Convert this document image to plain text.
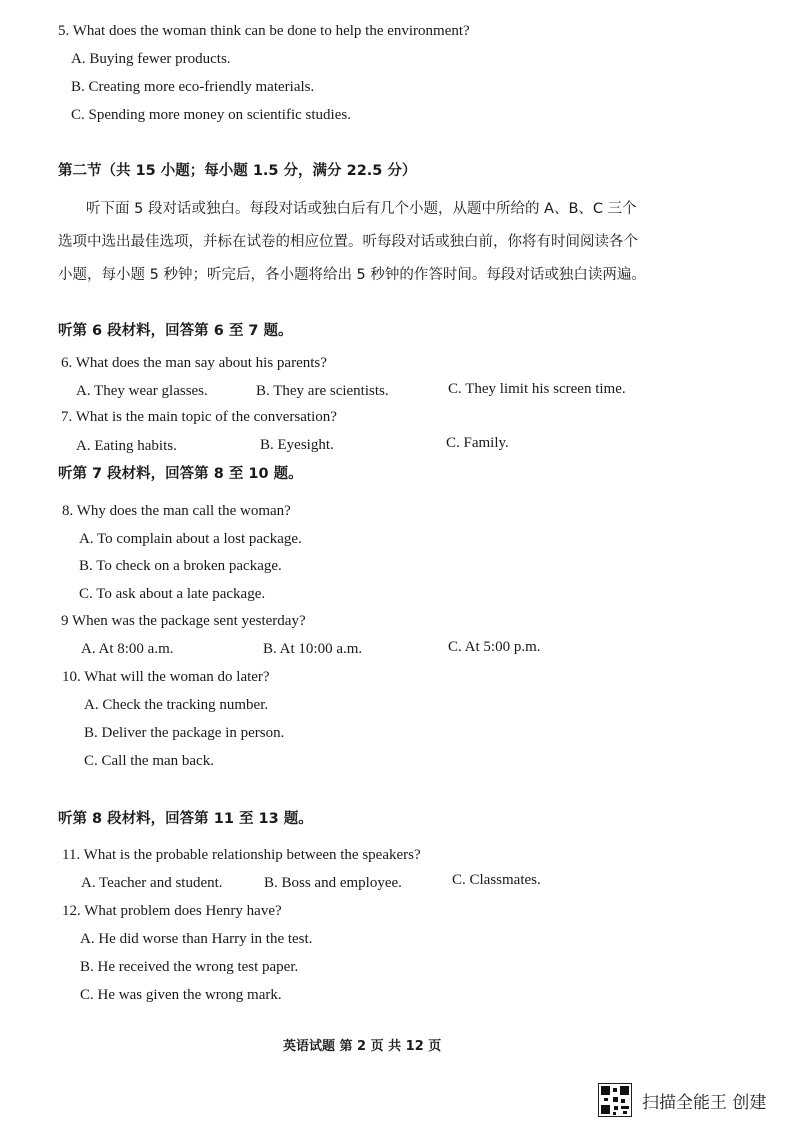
5. What does the woman think can be done to help the environment?
A. Buying fewer products.
B. Creating more eco-friendly materials.
C. Spending more money on scientific studies.
第二节（共 15 小题；每小题 1.5 分，满分 22.5 分）
听下面 5 段对话或独白。每段对话或独白后有几个小题，从题中所给的 A、B、C 三个
选项中选出最佳选项，并标在试卷的相应位置。听每段对话或独白前，你将有时间阅读各个
小题，每小题 5 秒钟；听完后，各小题将给出 5 秒钟的作答时间。每段对话或独白读两遍。
听第 6 段材料，回答第 6 至 7 题。
6. What does the man say about his parents?
A. They wear glasses.	B. They are scientists.	C. They limit his screen time.
7. What is the main topic of the conversation?
A. Eating habits.	B. Eyesight.	C. Family.
听第 7 段材料，回答第 8 至 10 题。
8. Why does the man call the woman?
A. To complain about a lost package.
B. To check on a broken package.
C. To ask about a late package.
9 When was the package sent yesterday?
A. At 8:00 a.m.	B. At 10:00 a.m.	C. At 5:00 p.m.
10. What will the woman do later?
A. Check the tracking number.
B. Deliver the package in person.
C. Call the man back.
听第 8 段材料，回答第 11 至 13 题。
11. What is the probable relationship between the speakers?
A. Teacher and student.	B. Boss and employee.	C. Classmates.
12. What problem does Henry have?
A. He did worse than Harry in the test.
B. He received the wrong test paper.
C. He was given the wrong mark.
英语试题 第 2 页 共 12 页
扫描全能王 创建
